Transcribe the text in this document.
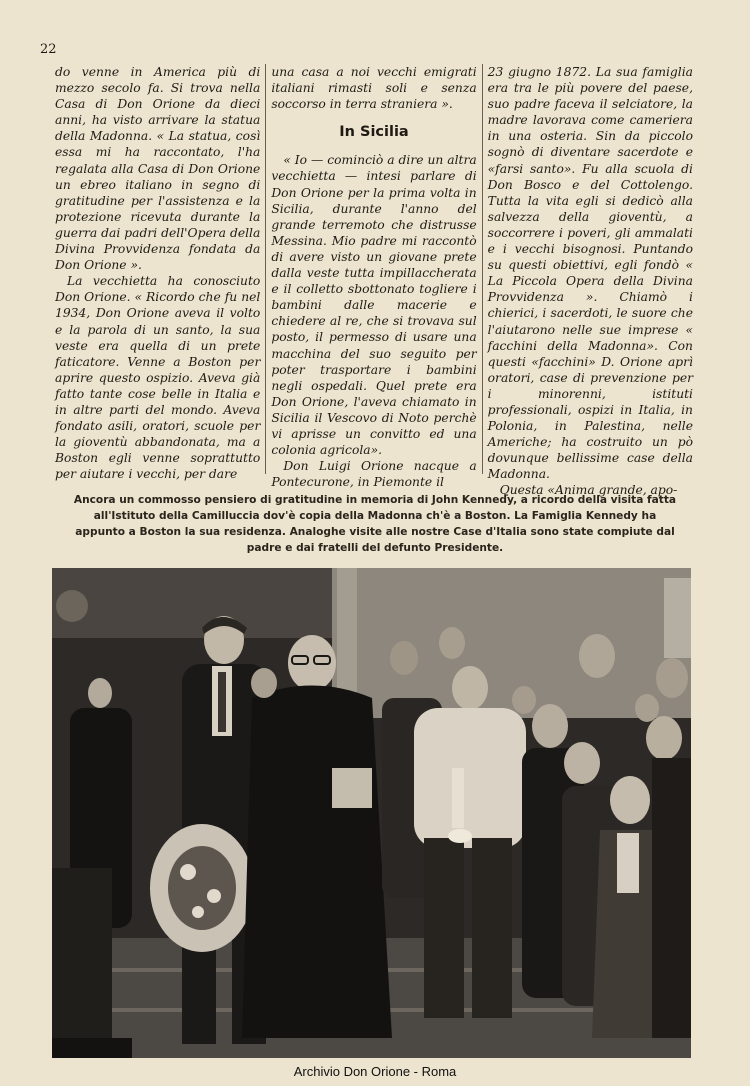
22

do venne in America più di mezzo secolo fa. Si trova nella Casa di Don Orione da dieci anni, ha visto arrivare la statua della Madonna. « La statua, così essa mi ha raccontato, l'ha regalata alla Casa di Don Orione un ebreo italiano in segno di gratitudine per l'assistenza e la protezione ricevuta durante la guerra dai padri dell'Opera della Divina Provvidenza fondata da Don Orione ».

La vecchietta ha conosciuto Don Orione. « Ricordo che fu nel 1934, Don Orione aveva il volto e la parola di un santo, la sua veste era quella di un prete faticatore. Venne a Boston per aprire questo ospizio. Aveva già fatto tante cose belle in Italia e in altre parti del mondo. Aveva fondato asili, oratori, scuole per la gioventù abbandonata, ma a Boston egli venne soprattutto per aiutare i vecchi, per dare

una casa a noi vecchi emigrati italiani rimasti soli e senza soccorso in terra straniera ».

In Sicilia

« Io — cominciò a dire un altra vecchietta — intesi parlare di Don Orione per la prima volta in Sicilia, durante l'anno del grande terremoto che distrusse Messina. Mio padre mi raccontò di avere visto un giovane prete dalla veste tutta impillaccherata e il colletto sbottonato togliere i bambini dalle macerie e chiedere al re, che si trovava sul posto, il permesso di usare una macchina del suo seguito per poter trasportare i bambini negli ospedali. Quel prete era Don Orione, l'aveva chiamato in Sicilia il Vescovo di Noto perchè vi aprisse un convitto ed una colonia agricola».

Don Luigi Orione nacque a Pontecurone, in Piemonte il

23 giugno 1872. La sua famiglia era tra le più povere del paese, suo padre faceva il selciatore, la madre lavorava come cameriera in una osteria. Sin da piccolo sognò di diventare sacerdote e «farsi santo». Fu alla scuola di Don Bosco e del Cottolengo. Tutta la vita egli si dedicò alla salvezza della gioventù, a soccorrere i poveri, gli ammalati e i vecchi bisognosi. Puntando su questi obiettivi, egli fondò « La Piccola Opera della Divina Provvidenza ». Chiamò i chierici, i sacerdoti, le suore che l'aiutarono nelle sue imprese « facchini della Madonna». Con questi «facchini» D. Orione aprì oratori, case di prevenzione per i minorenni, istituti professionali, ospizi in Italia, in Polonia, in Palestina, nelle Americhe; ha costruito un pò dovunque bellissime case della Madonna.

Questa «Anima grande, apo-

Ancora un commosso pensiero di gratitudine in memoria di John Kennedy, a ricordo della visita fatta all'Istituto della Camilluccia dov'è copia della Madonna ch'è a Boston. La Famiglia Kennedy ha appunto a Boston la sua residenza. Analoghe visite alle nostre Case d'Italia sono state compiute dal padre e dai fratelli del defunto Presidente.
Archivio Don Orione - Roma
